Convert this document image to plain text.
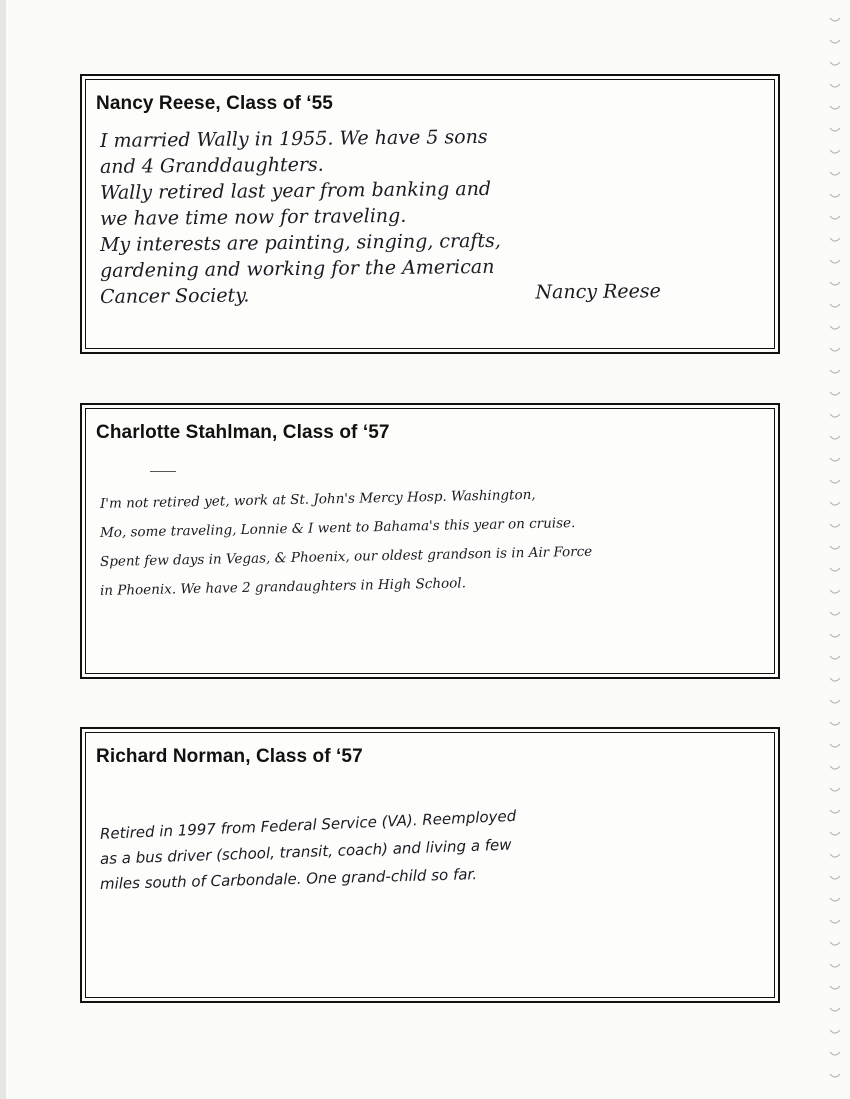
Nancy Reese, Class of ‘55

I married Wally in 1955. We have 5 sons

and 4 Granddaughters.

Wally retired last year from banking and

we have time now for traveling.

My interests are painting, singing, crafts,

gardening and working for the American

Cancer Society.	Nancy Reese

Charlotte Stahlman, Class of ‘57

I'm not retired yet, work at St. John's Mercy Hosp. Washington,

Mo, some traveling, Lonnie & I went to Bahama's this year on cruise.

Spent few days in Vegas, & Phoenix, our oldest grandson is in Air Force

in Phoenix. We have 2 grandaughters in High School.

Richard Norman, Class of ‘57

Retired in 1997 from Federal Service (VA). Reemployed

as a bus driver (school, transit, coach) and living a few

miles south of Carbondale. One grand-child so far.
